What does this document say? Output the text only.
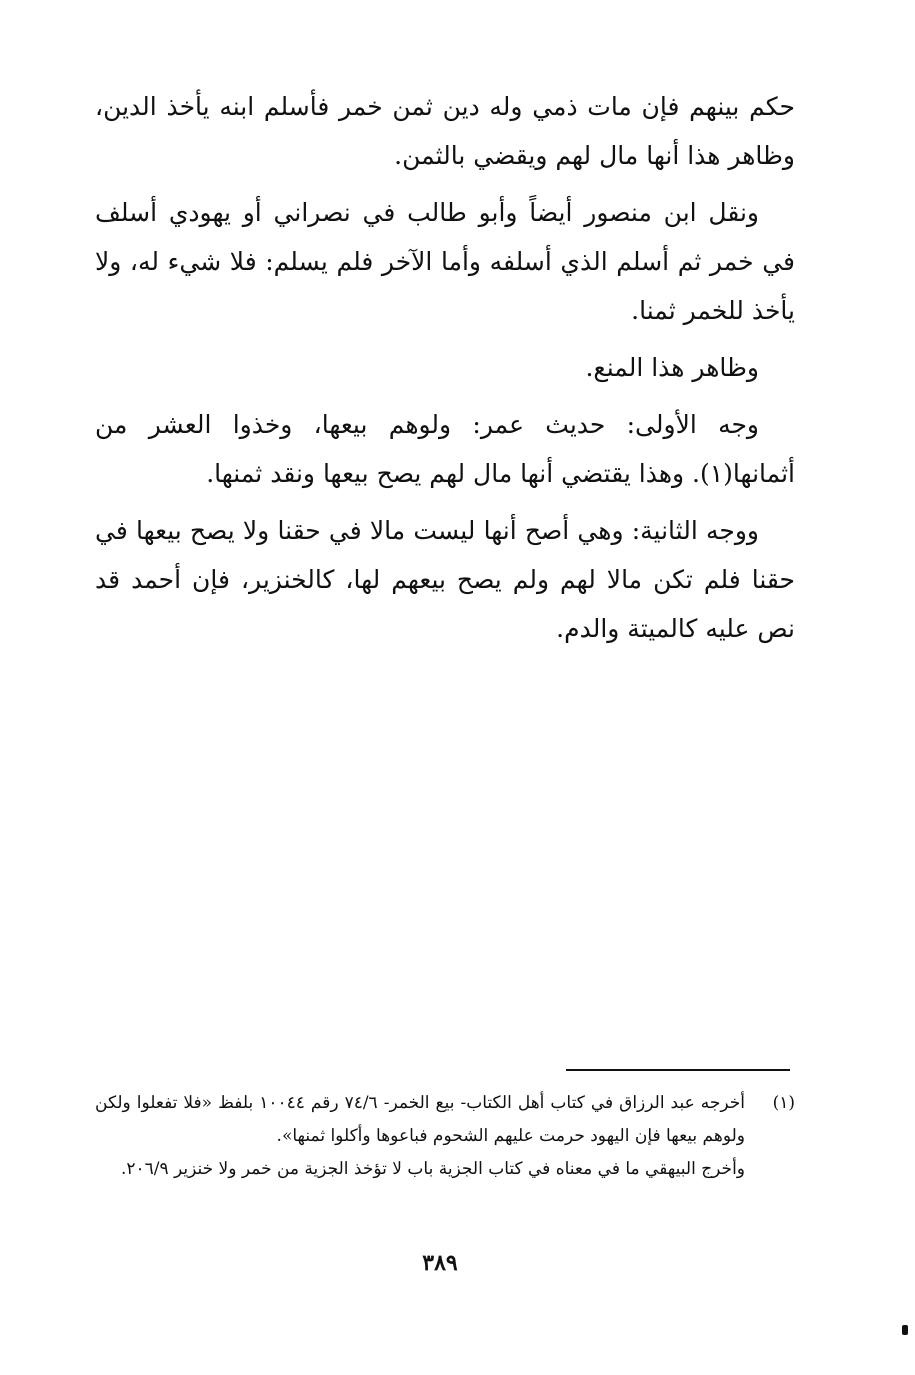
حكم بينهم فإن مات ذمي وله دين ثمن خمر فأسلم ابنه يأخذ الدين، وظاهر هذا أنها مال لهم ويقضي بالثمن.

ونقل ابن منصور أيضاً وأبو طالب في نصراني أو يهودي أسلف في خمر ثم أسلم الذي أسلفه وأما الآخر فلم يسلم: فلا شيء له، ولا يأخذ للخمر ثمنا.

وظاهر هذا المنع.

وجه الأولى: حديث عمر: ولوهم بيعها، وخذوا العشر من أثمانها(١). وهذا يقتضي أنها مال لهم يصح بيعها ونقد ثمنها.

ووجه الثانية: وهي أصح أنها ليست مالا في حقنا ولا يصح بيعها في حقنا فلم تكن مالا لهم ولم يصح بيعهم لها، كالخنزير، فإن أحمد قد نص عليه كالميتة والدم.

(١)

أخرجه عبد الرزاق في كتاب أهل الكتاب- بيع الخمر- ٧٤/٦ رقم ١٠٠٤٤ بلفظ «فلا تفعلوا ولكن ولوهم بيعها فإن اليهود حرمت عليهم الشحوم فباعوها وأكلوا ثمنها».

وأخرج البيهقي ما في معناه في كتاب الجزية باب لا تؤخذ الجزية من خمر ولا خنزير ٢٠٦/٩.

٣٨٩
